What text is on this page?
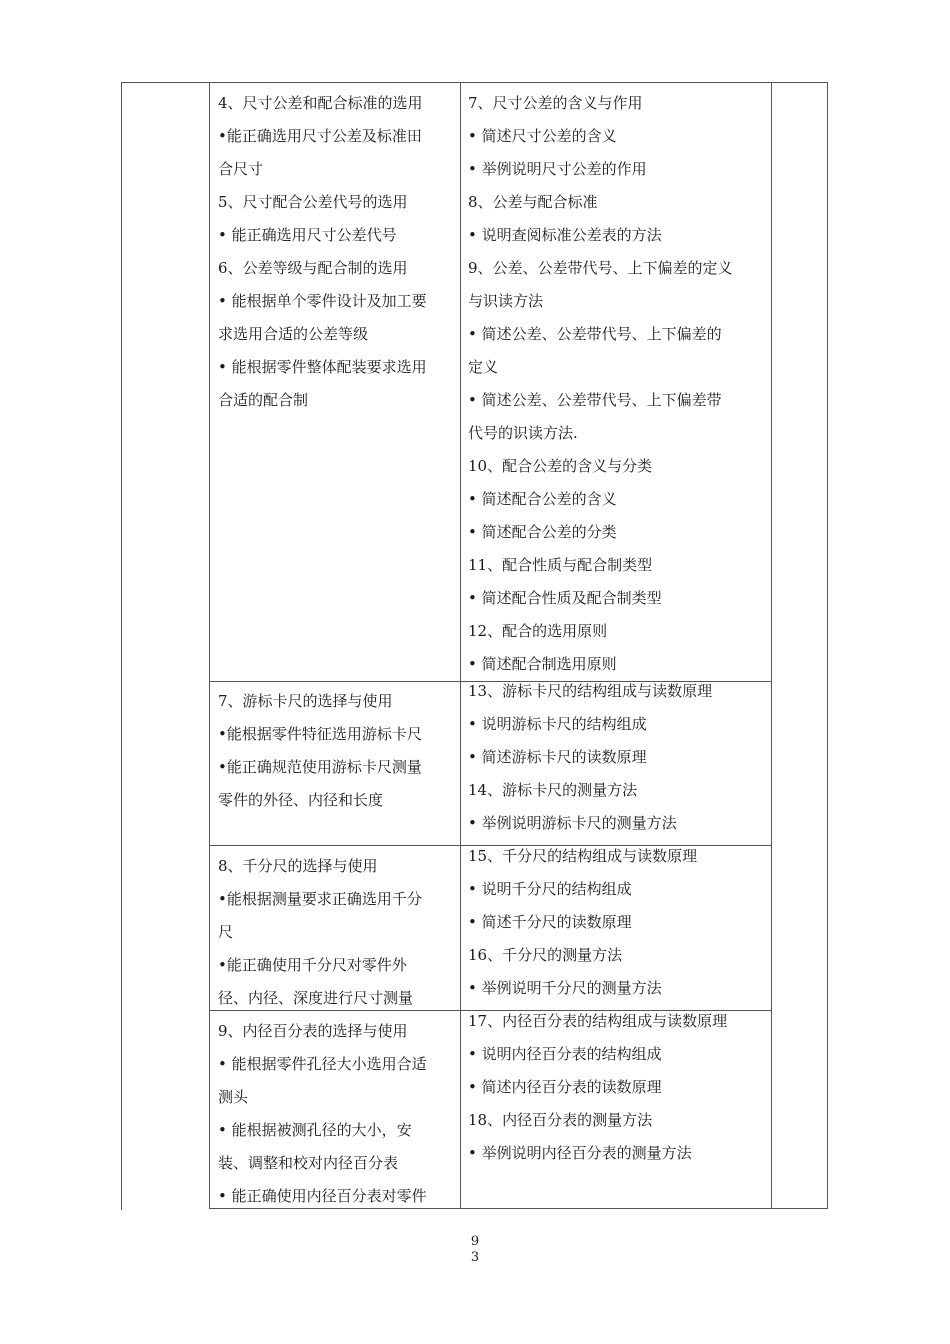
4、尺寸公差和配合标准的选用

•能正确选用尺寸公差及标准田

合尺寸

5、尺寸配合公差代号的选用

• 能正确选用尺寸公差代号

6、公差等级与配合制的选用

• 能根据单个零件设计及加工要

求选用合适的公差等级

• 能根据零件整体配装要求选用

合适的配合制

7、尺寸公差的含义与作用

• 简述尺寸公差的含义

• 举例说明尺寸公差的作用

8、公差与配合标准

• 说明查阅标准公差表的方法

9、公差、公差带代号、上下偏差的定义

与识读方法

• 简述公差、公差带代号、上下偏差的

定义

• 简述公差、公差带代号、上下偏差带

代号的识读方法.

10、配合公差的含义与分类

• 简述配合公差的含义

• 简述配合公差的分类

11、配合性质与配合制类型

• 简述配合性质及配合制类型

12、配合的选用原则

• 简述配合制选用原则

7、游标卡尺的选择与使用

•能根据零件特征选用游标卡尺

•能正确规范使用游标卡尺测量

零件的外径、内径和长度

13、游标卡尺的结构组成与读数原理

• 说明游标卡尺的结构组成

• 简述游标卡尺的读数原理

14、游标卡尺的测量方法

• 举例说明游标卡尺的测量方法

8、千分尺的选择与使用

•能根据测量要求正确选用千分

尺

•能正确使用千分尺对零件外

径、内径、深度进行尺寸测量

15、千分尺的结构组成与读数原理

• 说明千分尺的结构组成

• 简述千分尺的读数原理

16、千分尺的测量方法

• 举例说明千分尺的测量方法

9、内径百分表的选择与使用

• 能根据零件孔径大小选用合适

测头

• 能根据被测孔径的大小，安

装、调整和校对内径百分表

• 能正确使用内径百分表对零件

17、内径百分表的结构组成与读数原理

• 说明内径百分表的结构组成

• 简述内径百分表的读数原理

18、内径百分表的测量方法

• 举例说明内径百分表的测量方法

9
3
